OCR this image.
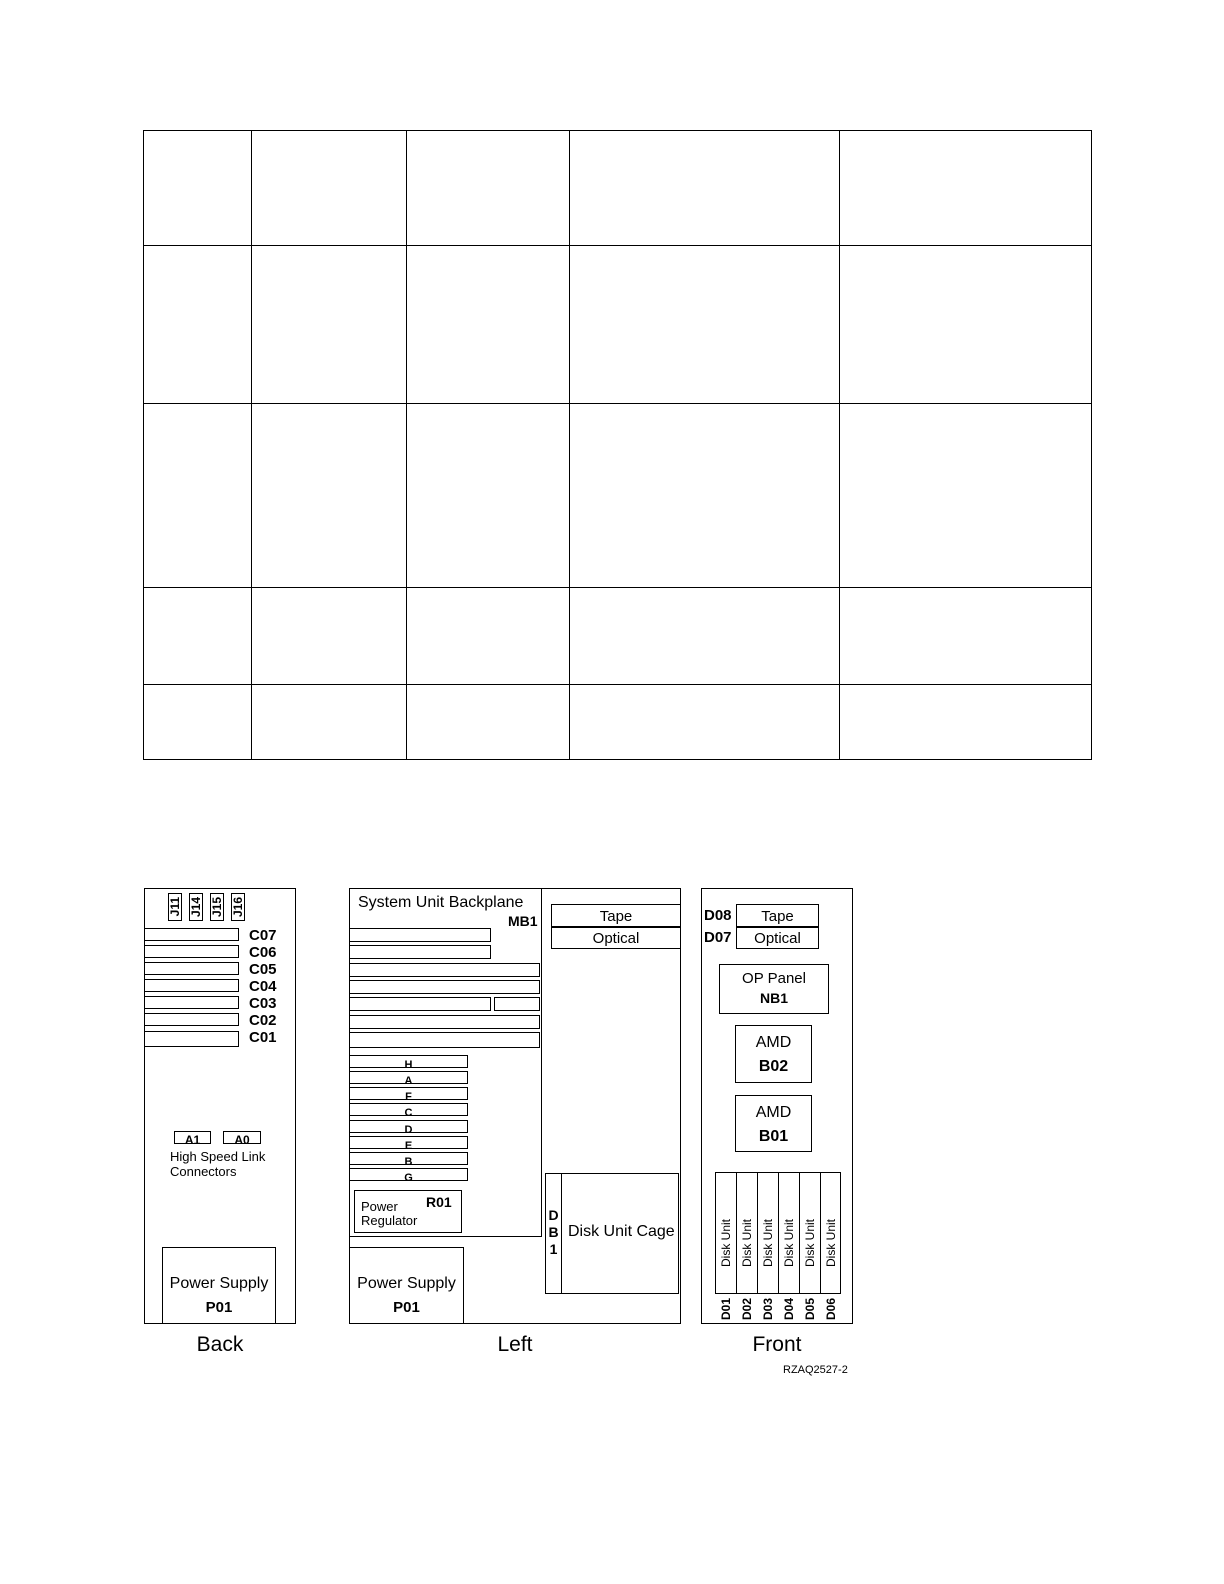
J11 J14 J15 J16
C07
C06
C05
C04
C03
C02
C01
A1	A0
High Speed Link
Connectors
Power Supply
P01
Back
System Unit Backplane
MB1
H
A
F
C
D
E
B
G
Power
Regulator
R01
Tape
Optical
D
B
1
Disk Unit Cage
Power Supply
P01
Left
D08
D07
Tape
Optical
OP Panel
NB1
AMD
B02
AMD
B01
Disk Unit Disk Unit Disk Unit Disk Unit Disk Unit Disk Unit
D01 D02 D03 D04 D05 D06
Front
RZAQ2527-2
